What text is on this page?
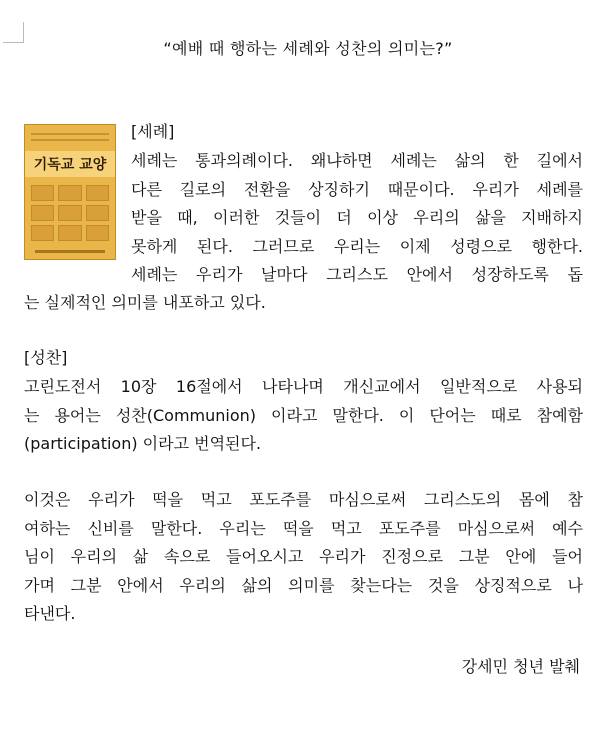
“예배 때 행하는 세례와 성찬의 의미는?”
기독교 교양
[세례]
세례는 통과의례이다. 왜냐하면 세례는 삶의 한 길에서
다른 길로의 전환을 상징하기 때문이다. 우리가 세례를
받을 때, 이러한 것들이 더 이상 우리의 삶을 지배하지
못하게 된다. 그러므로 우리는 이제 성령으로 행한다.
세례는 우리가 날마다 그리스도 안에서 성장하도록 돕
는 실제적인 의미를 내포하고 있다.
[성찬]
고린도전서 10장 16절에서 나타나며 개신교에서 일반적으로 사용되
는 용어는 성찬(Communion) 이라고 말한다. 이 단어는 때로 참예함
(participation) 이라고 번역된다.
이것은 우리가 떡을 먹고 포도주를 마심으로써 그리스도의 몸에 참
여하는 신비를 말한다. 우리는 떡을 먹고 포도주를 마심으로써 예수
님이 우리의 삶 속으로 들어오시고 우리가 진정으로 그분 안에 들어
가며 그분 안에서 우리의 삶의 의미를 찾는다는 것을 상징적으로 나
타낸다.
강세민 청년 발췌
